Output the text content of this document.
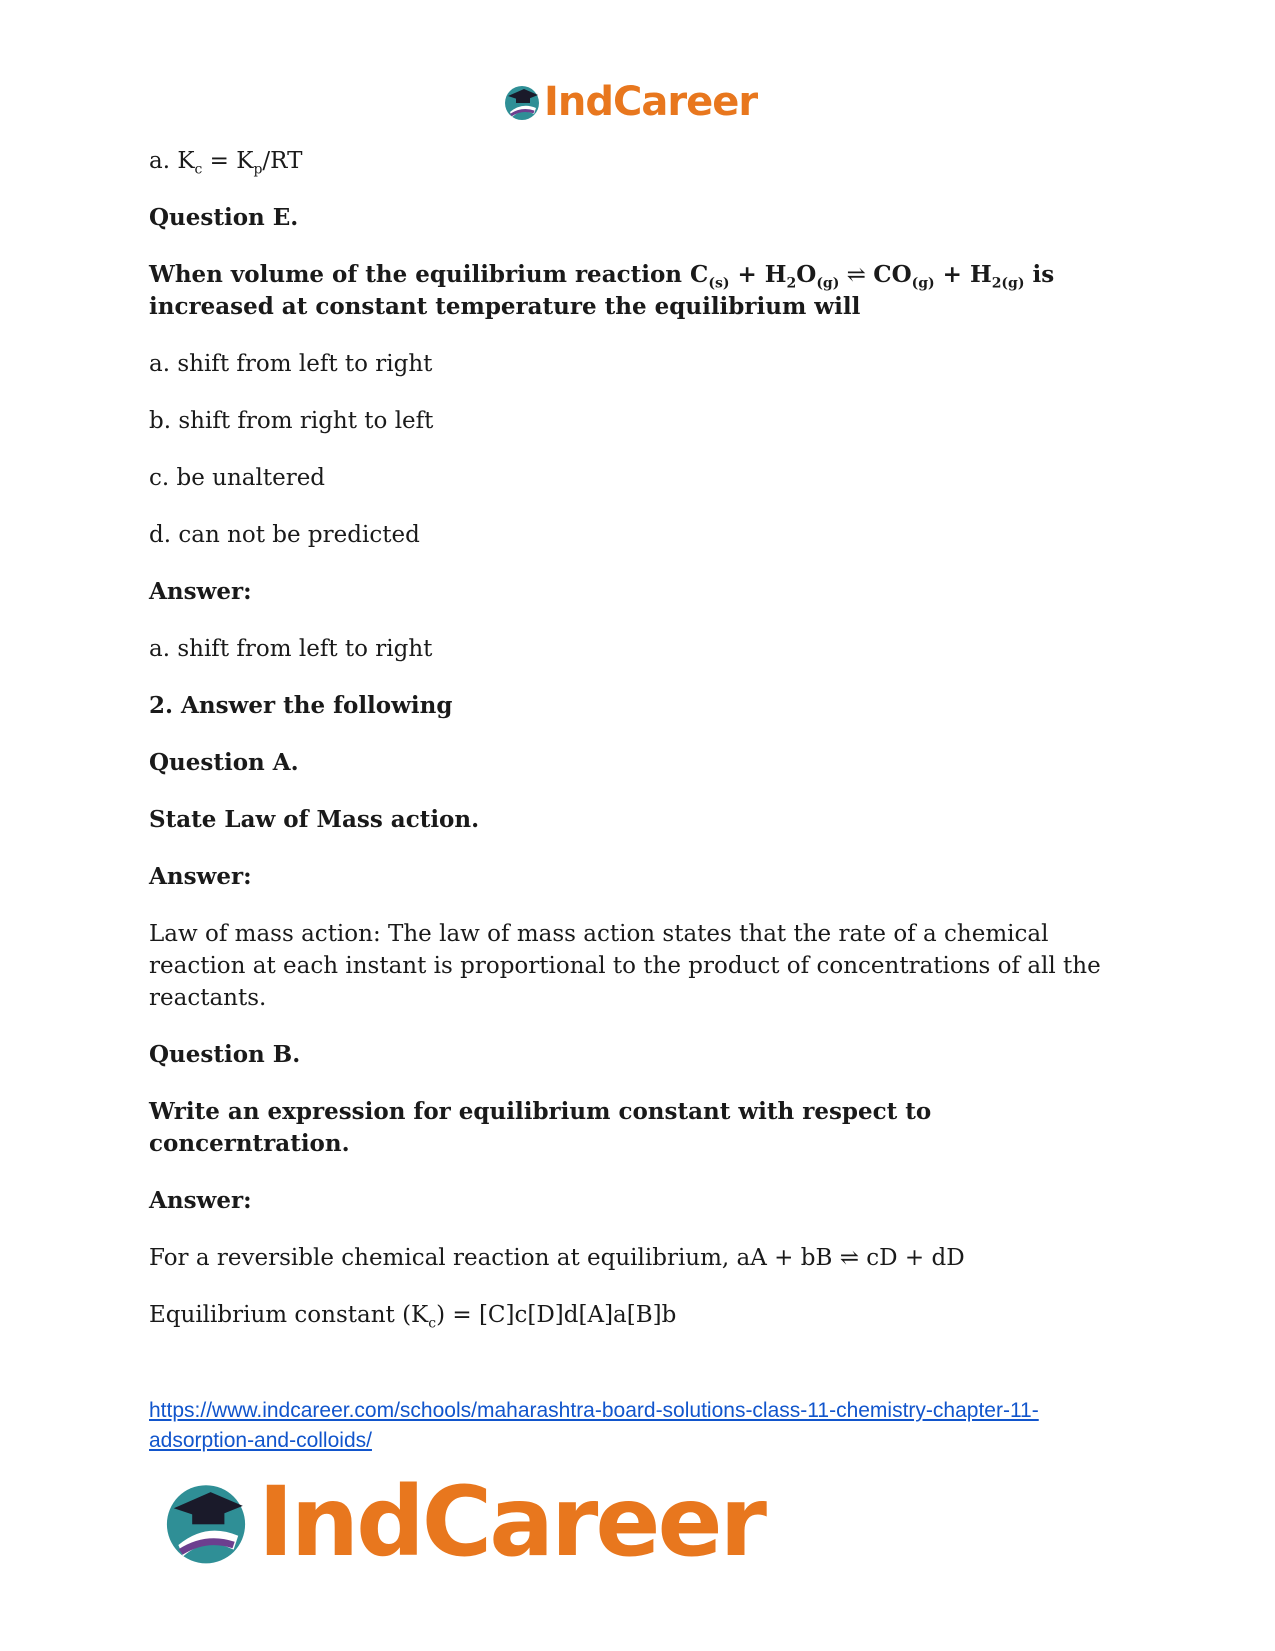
IndCareer

a. $K_c = K_p/RT$

Question E.

When volume of the equilibrium reaction $C_{(s)} + H_2O_{(g)}$ ⇌ $CO_{(g)} + H_{2(g)}$ is increased at constant temperature the equilibrium will

a. shift from left to right

b. shift from right to left

c. be unaltered

d. can not be predicted

Answer:

a. shift from left to right

2. Answer the following

Question A.

State Law of Mass action.

Answer:

Law of mass action: The law of mass action states that the rate of a chemical reaction at each instant is proportional to the product of concentrations of all the reactants.

Question B.

Write an expression for equilibrium constant with respect to concerntration.

Answer:

For a reversible chemical reaction at equilibrium, aA + bB ⇌ cD + dD

Equilibrium constant $(K_c) = [C]c[D]d[A]a[B]b$

https://www.indcareer.com/schools/maharashtra-board-solutions-class-11-chemistry-chapter-11-adsorption-and-colloids/
IndCareer
